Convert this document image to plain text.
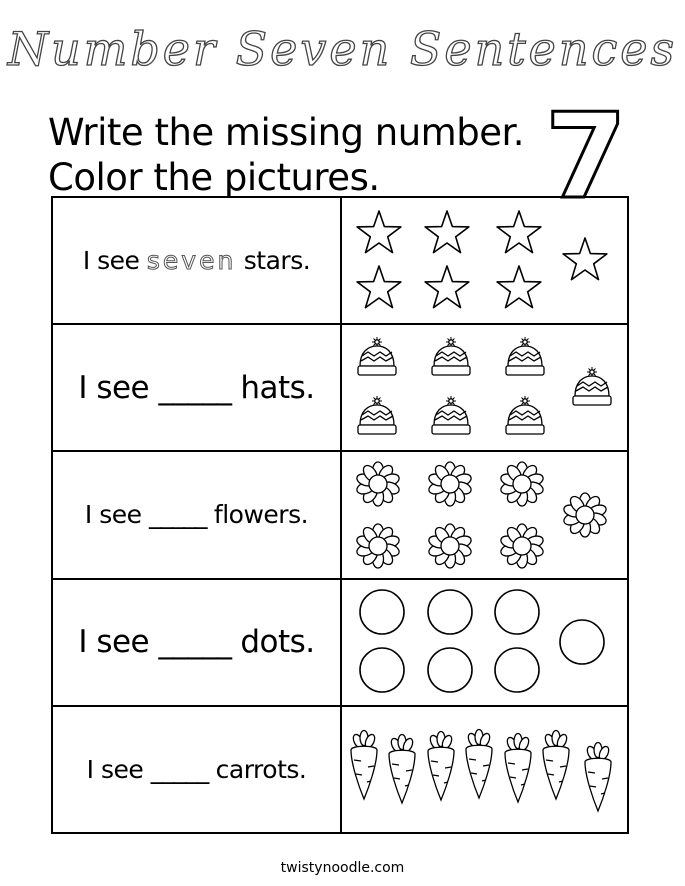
Number Seven Sentences
Write the missing number.
Color the pictures.	7
I see seven stars.	

I see _____ hats.	

I see _____ flowers.	

I see _____ dots.	

I see _____ carrots.	
twistynoodle.com
